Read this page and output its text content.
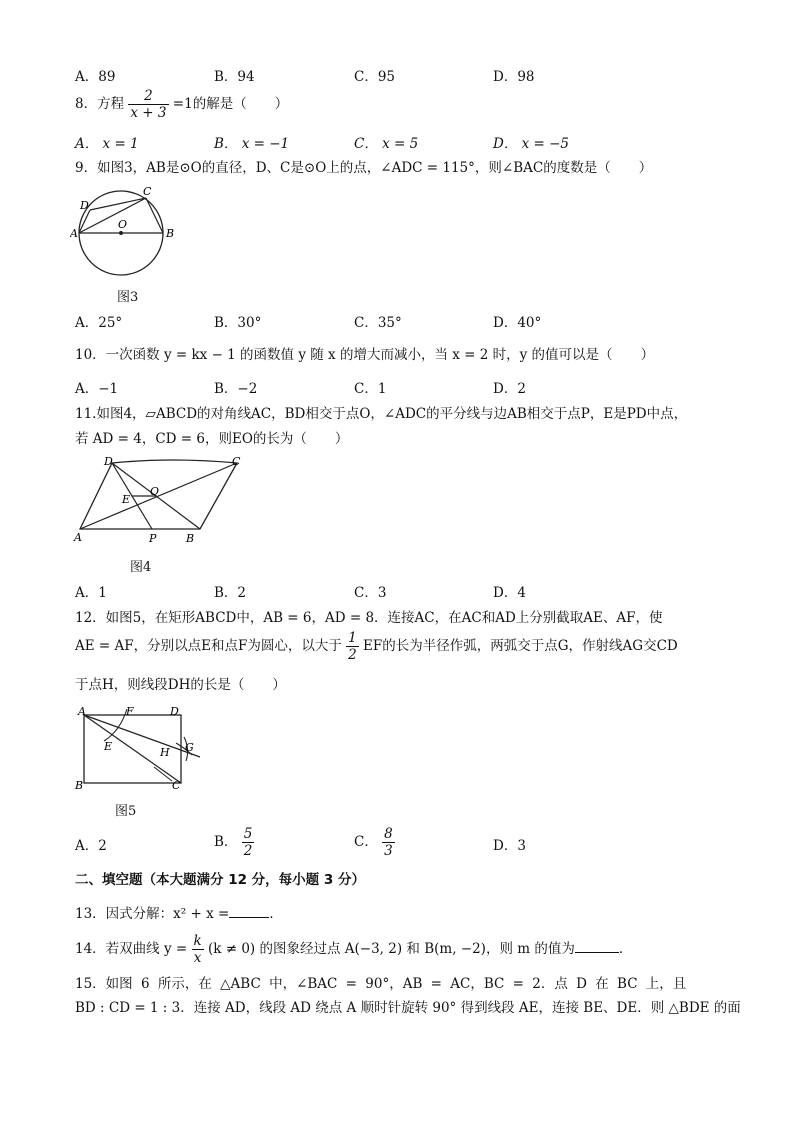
A．89	B．94	C．95	D．98
8．方程 $\frac{2}{x + 3} =1$的解是（ ）
A． x = 1	B． x = −1	C． x = 5	D． x = −5
9．如图3，AB是⊙O的直径，D、C是⊙O上的点，∠ADC = 115°，则∠BAC的度数是（ ）
D
C
O
A	B
图3
A．25°	B．30°	C．35°	D．40°
10．一次函数 y = kx − 1 的函数值 y 随 x 的增大而减小，当 x = 2 时，y 的值可以是（ ）
A．−1	B．−2	C．1	D．2
11.如图4，▱ABCD的对角线AC，BD相交于点O，∠ADC的平分线与边AB相交于点P，E是PD中点，
若 AD = 4，CD = 6，则EO的长为（ ）
D	C
E
O
A	P	B
图4
A．1	B．2	C．3	D．4
12．如图5，在矩形ABCD中，AB = 6，AD = 8．连接AC，在AC和AD上分别截取AE、AF，使
AE = AF，分别以点E和点F为圆心，以大于 $\frac{1}{2}$ EF的长为半径作弧，两弧交于点G，作射线AG交CD
于点H，则线段DH的长是（ ）
A	F	D
E	H G
B	C
图5
A．2	B． $\frac{5}{2}$	C． $\frac{8}{3}$	D．3
二、填空题（本大题满分 12 分，每小题 3 分）
13．因式分解：x² + x =	．
14．若双曲线 $y = \frac{k}{x} (k \ne 0)$ 的图象经过点 A(−3, 2) 和 B(m, −2)，则 m 的值为	．
15．如图 6 所示，在 △ABC 中，∠BAC = 90°，AB = AC，BC = 2．点 D 在 BC 上，且
BD : CD = 1 : 3．连接 AD，线段 AD 绕点 A 顺时针旋转 90° 得到线段 AE，连接 BE、DE．则 △BDE 的面
